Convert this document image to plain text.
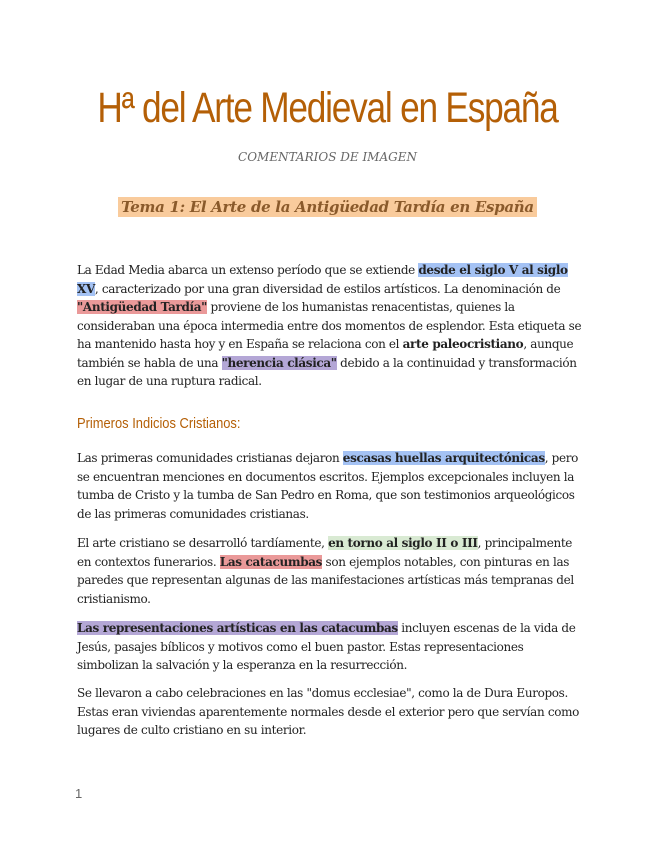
Hª del Arte Medieval en España

COMENTARIOS DE IMAGEN

Tema 1: El Arte de la Antigüedad Tardía en España

La Edad Media abarca un extenso período que se extiende desde el siglo V al siglo XV, caracterizado por una gran diversidad de estilos artísticos. La denominación de "Antigüedad Tardía" proviene de los humanistas renacentistas, quienes la consideraban una época intermedia entre dos momentos de esplendor. Esta etiqueta se ha mantenido hasta hoy y en España se relaciona con el arte paleocristiano, aunque también se habla de una "herencia clásica" debido a la continuidad y transformación en lugar de una ruptura radical.

Primeros Indicios Cristianos:

Las primeras comunidades cristianas dejaron escasas huellas arquitectónicas, pero se encuentran menciones en documentos escritos. Ejemplos excepcionales incluyen la tumba de Cristo y la tumba de San Pedro en Roma, que son testimonios arqueológicos de las primeras comunidades cristianas.

El arte cristiano se desarrolló tardíamente, en torno al siglo II o III, principalmente en contextos funerarios. Las catacumbas son ejemplos notables, con pinturas en las paredes que representan algunas de las manifestaciones artísticas más tempranas del cristianismo.

Las representaciones artísticas en las catacumbas incluyen escenas de la vida de Jesús, pasajes bíblicos y motivos como el buen pastor. Estas representaciones simbolizan la salvación y la esperanza en la resurrección.

Se llevaron a cabo celebraciones en las "domus ecclesiae", como la de Dura Europos. Estas eran viviendas aparentemente normales desde el exterior pero que servían como lugares de culto cristiano en su interior.

1
